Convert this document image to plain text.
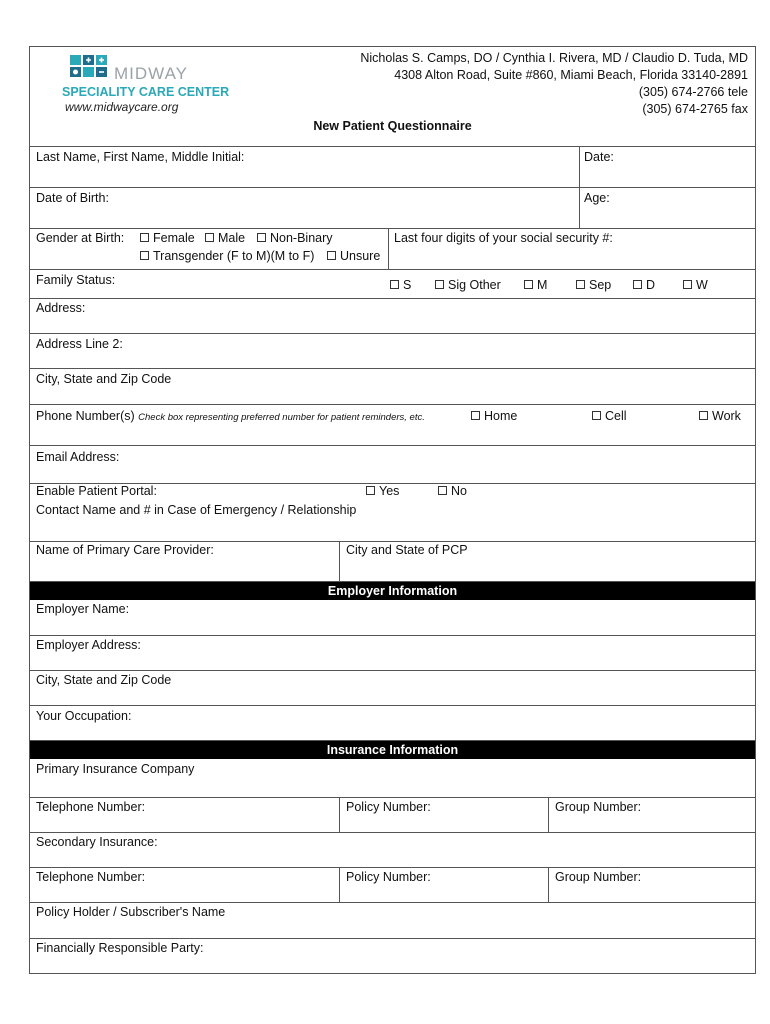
MIDWAY
SPECIALITY CARE CENTER
www.midwaycare.org
Nicholas S. Camps, DO / Cynthia I. Rivera, MD / Claudio D. Tuda, MD
4308 Alton Road, Suite #860, Miami Beach, Florida 33140-2891
(305) 674-2766 tele
(305) 674-2765 fax
New Patient Questionnaire
Last Name, First Name, Middle Initial:	Date:
Date of Birth:	Age:
Gender at Birth:	Female	Male	Non-Binary
Transgender (F to M)(M to F)	Unsure
Last four digits of your social security #:
Family Status:	S	Sig Other	M	Sep	D	W
Address:
Address Line 2:
City, State and Zip Code
Phone Number(s) Check box representing preferred number for patient reminders, etc.	Home	Cell	Work
Email Address:
Enable Patient Portal:	Yes	No
Contact Name and # in Case of Emergency / Relationship
Name of Primary Care Provider:	City and State of PCP
Employer Information
Employer Name:
Employer Address:
City, State and Zip Code
Your Occupation:
Insurance Information
Primary Insurance Company
Telephone Number:	Policy Number:	Group Number:
Secondary Insurance:
Telephone Number:	Policy Number:	Group Number:
Policy Holder / Subscriber's Name
Financially Responsible Party:
